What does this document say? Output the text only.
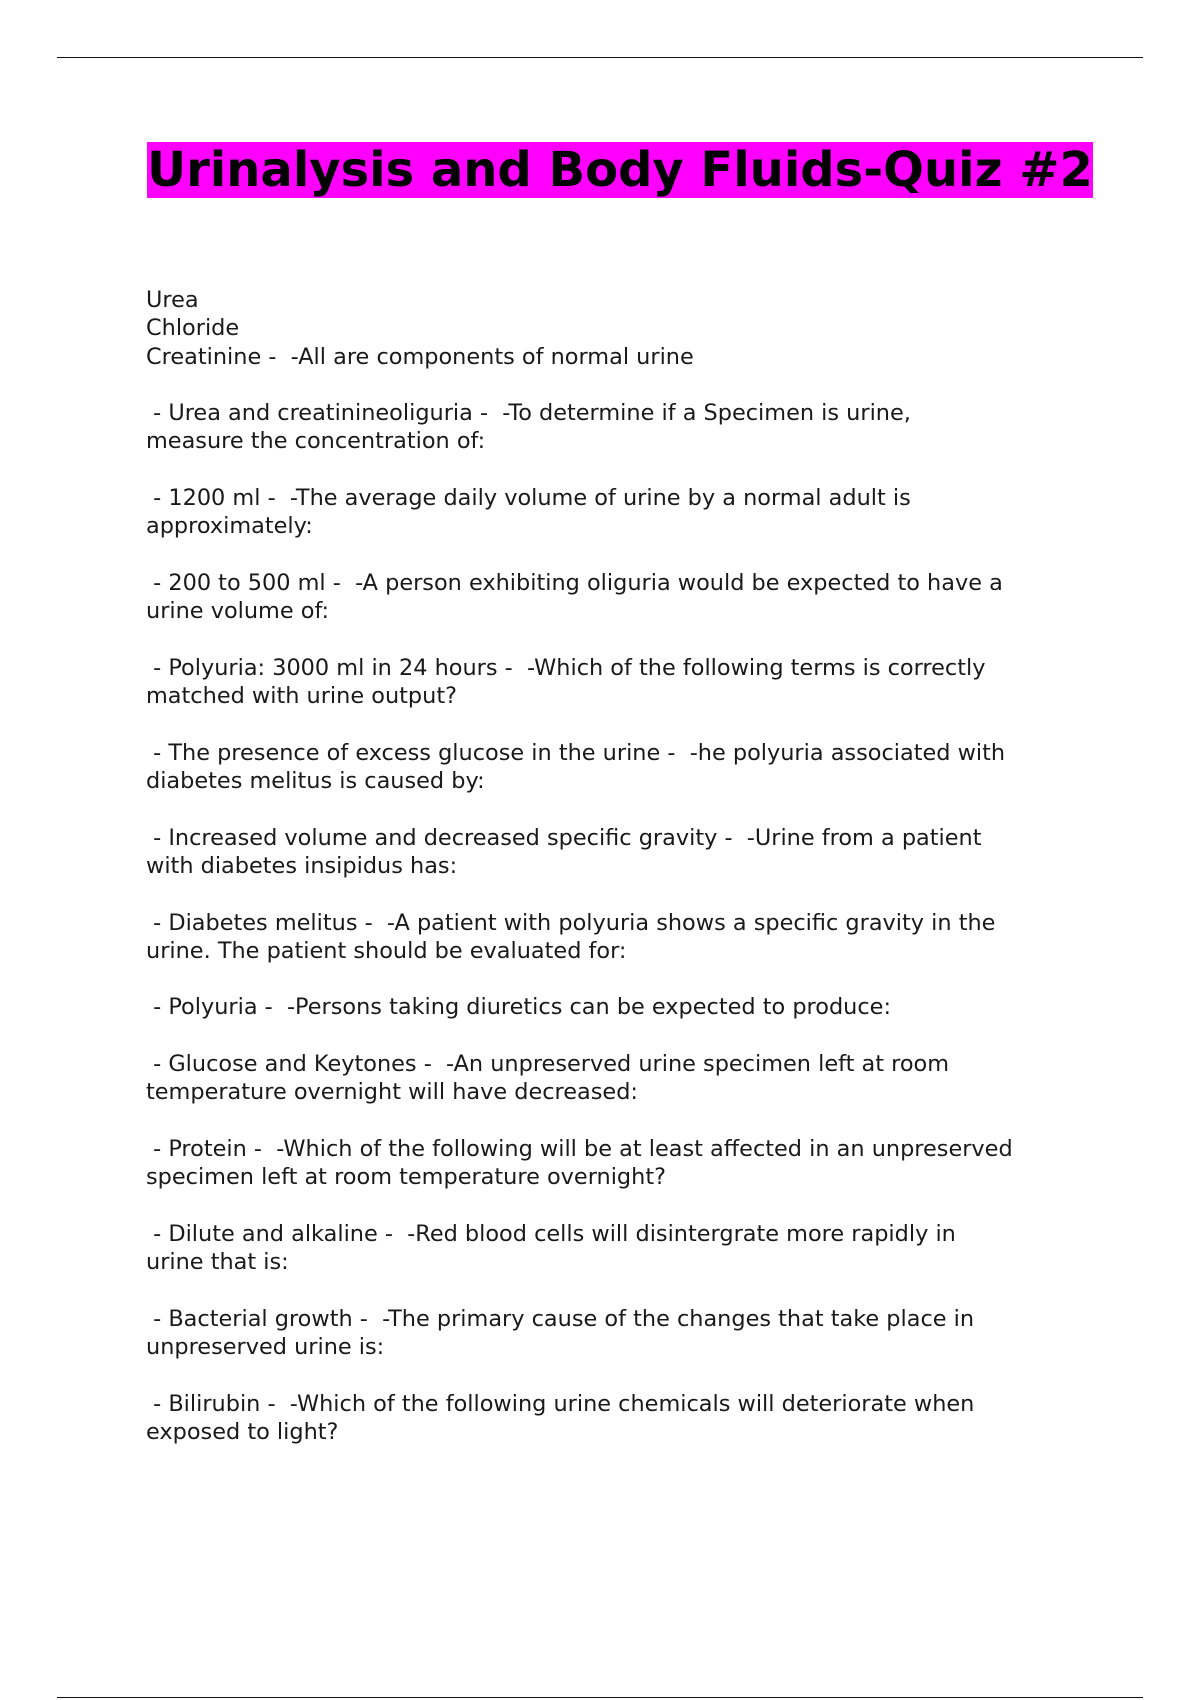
Urinalysis and Body Fluids-Quiz #2
Urea
Chloride
Creatinine -  -All are components of normal urine
- Urea and creatinineoliguria -  -To determine if a Specimen is urine,
measure the concentration of:
- 1200 ml -  -The average daily volume of urine by a normal adult is
approximately:
- 200 to 500 ml -  -A person exhibiting oliguria would be expected to have a
urine volume of:
- Polyuria: 3000 ml in 24 hours -  -Which of the following terms is correctly
matched with urine output?
- The presence of excess glucose in the urine -  -he polyuria associated with
diabetes melitus is caused by:
- Increased volume and decreased specific gravity -  -Urine from a patient
with diabetes insipidus has:
- Diabetes melitus -  -A patient with polyuria shows a specific gravity in the
urine. The patient should be evaluated for:
- Polyuria -  -Persons taking diuretics can be expected to produce:
- Glucose and Keytones -  -An unpreserved urine specimen left at room
temperature overnight will have decreased:
- Protein -  -Which of the following will be at least affected in an unpreserved
specimen left at room temperature overnight?
- Dilute and alkaline -  -Red blood cells will disintergrate more rapidly in
urine that is:
- Bacterial growth -  -The primary cause of the changes that take place in
unpreserved urine is:
- Bilirubin -  -Which of the following urine chemicals will deteriorate when
exposed to light?
